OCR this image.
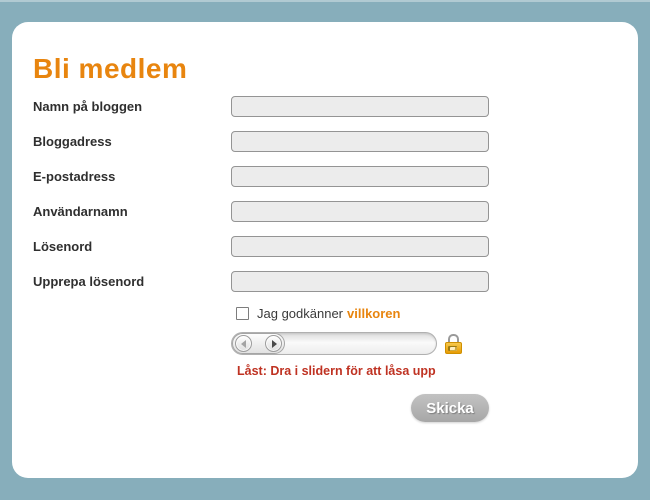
Bli medlem
Namn på bloggen
Bloggadress
E-postadress
Användarnamn
Lösenord
Upprepa lösenord
Jag godkänner villkoren
Låst: Dra i slidern för att låsa upp
Skicka
